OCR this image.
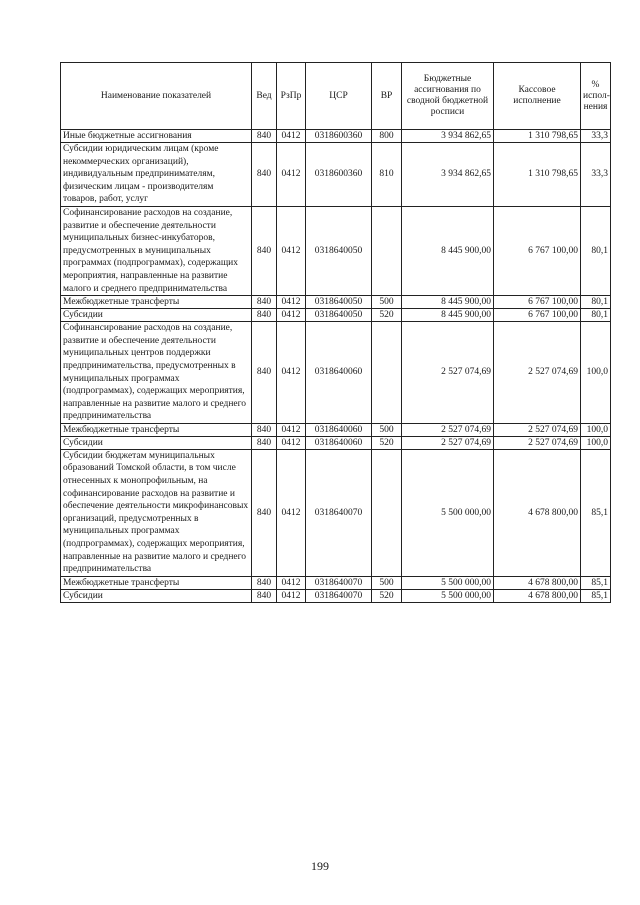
Наименование показателей	Вед	РзПр	ЦСР	ВР	Бюджетные ассигнования по сводной бюджетной росписи	Кассовое исполнение	% испол-нения
Иные бюджетные ассигнования	840	0412	0318600360	800	3 934 862,65	1 310 798,65	33,3
Субсидии юридическим лицам (кроме некоммерческих организаций), индивидуальным предпринимателям, физическим лицам - производителям товаров, работ, услуг	840	0412	0318600360	810	3 934 862,65	1 310 798,65	33,3
Софинансирование расходов на создание, развитие и обеспечение деятельности муниципальных бизнес-инкубаторов, предусмотренных в муниципальных программах (подпрограммах), содержащих мероприятия, направленные на развитие малого и среднего предпринимательства	840	0412	0318640050		8 445 900,00	6 767 100,00	80,1
Межбюджетные трансферты	840	0412	0318640050	500	8 445 900,00	6 767 100,00	80,1
Субсидии	840	0412	0318640050	520	8 445 900,00	6 767 100,00	80,1
Софинансирование расходов на создание, развитие и обеспечение деятельности муниципальных центров поддержки предпринимательства, предусмотренных в муниципальных программах (подпрограммах), содержащих мероприятия, направленные на развитие малого и среднего предпринимательства	840	0412	0318640060		2 527 074,69	2 527 074,69	100,0
Межбюджетные трансферты	840	0412	0318640060	500	2 527 074,69	2 527 074,69	100,0
Субсидии	840	0412	0318640060	520	2 527 074,69	2 527 074,69	100,0
Субсидии бюджетам муниципальных образований Томской области, в том числе отнесенных к монопрофильным, на софинансирование расходов на развитие и обеспечение деятельности микрофинансовых организаций, предусмотренных в муниципальных программах (подпрограммах), содержащих мероприятия, направленные на развитие малого и среднего предпринимательства	840	0412	0318640070		5 500 000,00	4 678 800,00	85,1
Межбюджетные трансферты	840	0412	0318640070	500	5 500 000,00	4 678 800,00	85,1
Субсидии	840	0412	0318640070	520	5 500 000,00	4 678 800,00	85,1
199
